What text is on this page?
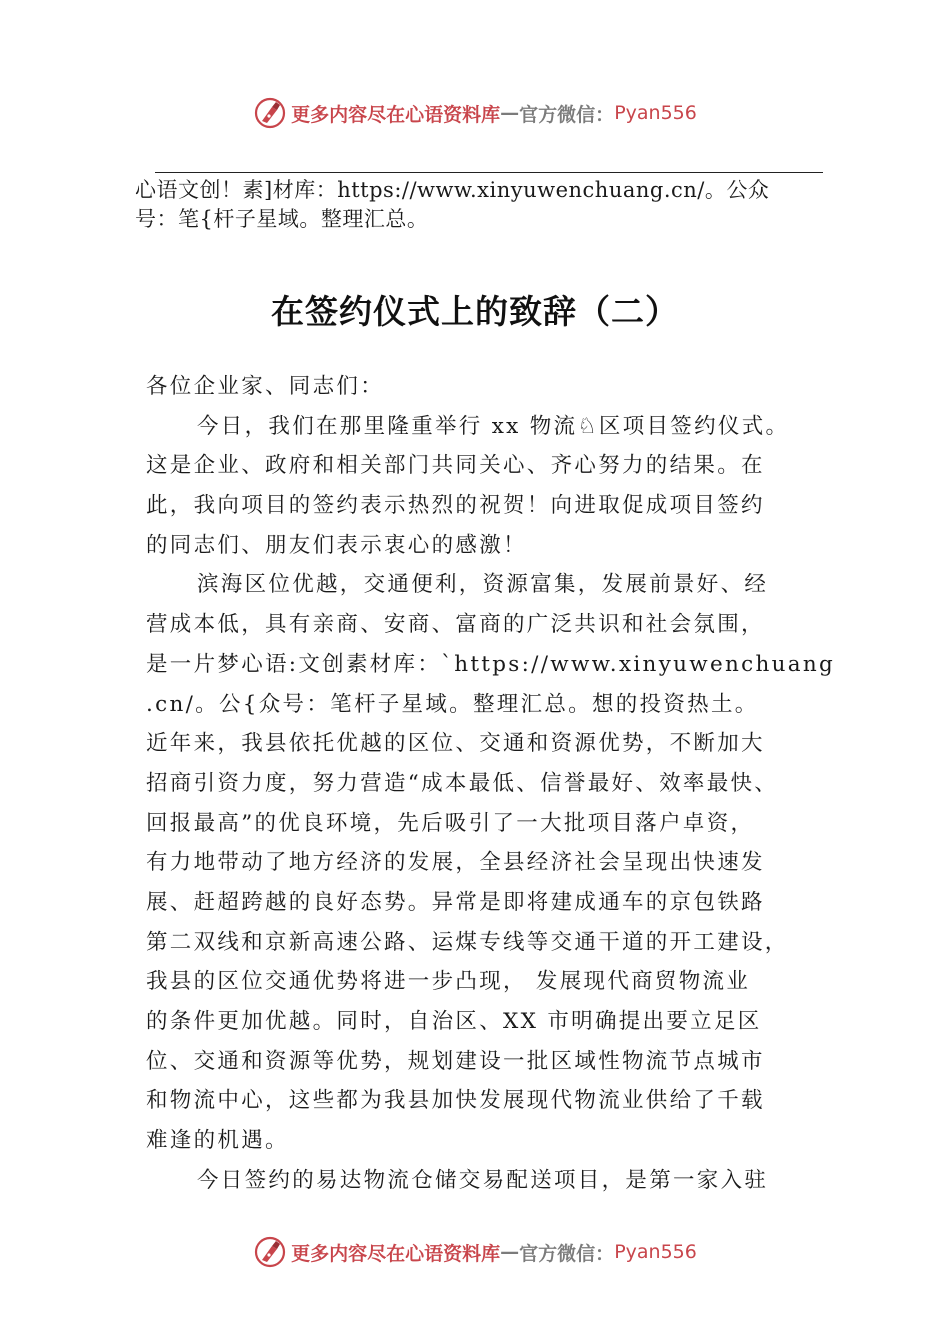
更多内容尽在心语资料库 — 官方微信： Pyan556
心语文创！素]材库：https://www.xinyuwenchuang.cn/。公众
号：笔{杆子星域。整理汇总。
在签约仪式上的致辞（二）
各位企业家、同志们：
今日，我们在那里隆重举行 xx 物流♘区项目签约仪式。
这是企业、政府和相关部门共同关心、齐心努力的结果。在
此，我向项目的签约表示热烈的祝贺！向进取促成项目签约
的同志们、朋友们表示衷心的感激！
滨海区位优越，交通便利，资源富集，发展前景好、经
营成本低，具有亲商、安商、富商的广泛共识和社会氛围，
是一片梦心语:文创素材库：`https://www.xinyuwenchuang
.cn/。公{众号：笔杆子星域。整理汇总。想的投资热土。
近年来，我县依托优越的区位、交通和资源优势，不断加大
招商引资力度，努力营造“成本最低、信誉最好、效率最快、
回报最高”的优良环境，先后吸引了一大批项目落户卓资，
有力地带动了地方经济的发展，全县经济社会呈现出快速发
展、赶超跨越的良好态势。异常是即将建成通车的京包铁路
第二双线和京新高速公路、运煤专线等交通干道的开工建设，
我县的区位交通优势将进一步凸现， 发展现代商贸物流业
的条件更加优越。同时，自治区、XX 市明确提出要立足区
位、交通和资源等优势，规划建设一批区域性物流节点城市
和物流中心，这些都为我县加快发展现代物流业供给了千载
难逢的机遇。
今日签约的易达物流仓储交易配送项目，是第一家入驻
更多内容尽在心语资料库 — 官方微信： Pyan556
